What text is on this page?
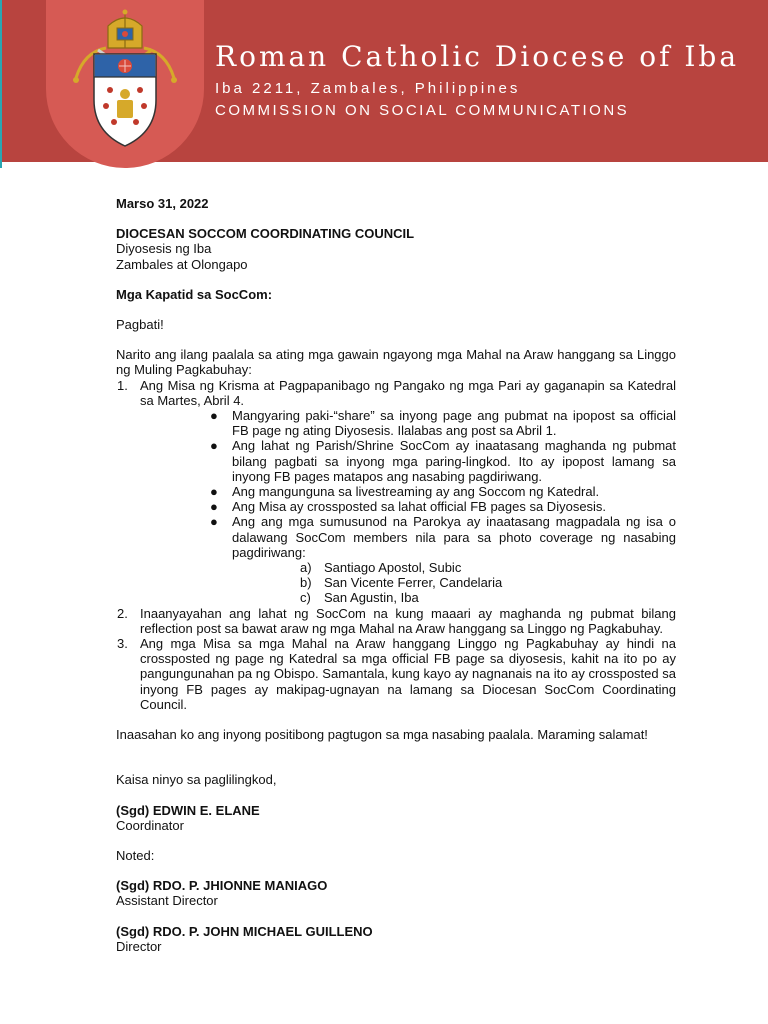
Roman Catholic Diocese of Iba
Iba 2211, Zambales, Philippines
COMMISSION ON SOCIAL COMMUNICATIONS

Marso 31, 2022

DIOCESAN SOCCOM COORDINATING COUNCIL

Diyosesis ng Iba

Zambales at Olongapo

Mga Kapatid sa SocCom:

Pagbati!

Narito ang ilang paalala sa ating mga gawain ngayong mga Mahal na Araw hanggang sa Linggo ng Muling Pagkabuhay:

1. Ang Misa ng Krisma at Pagpapanibago ng Pangako ng mga Pari ay gaganapin sa Katedral sa Martes, Abril 4.
● Mangyaring paki-“share” sa inyong page ang pubmat na ipopost sa official FB page ng ating Diyosesis. Ilalabas ang post sa Abril 1.
● Ang lahat ng Parish/Shrine SocCom ay inaatasang maghanda ng pubmat bilang pagbati sa inyong mga paring-lingkod. Ito ay ipopost lamang sa inyong FB pages matapos ang nasabing pagdiriwang.
● Ang mangunguna sa livestreaming ay ang Soccom ng Katedral.
● Ang Misa ay crossposted sa lahat official FB pages sa Diyosesis.
● Ang ang mga sumusunod na Parokya ay inaatasang magpadala ng isa o dalawang SocCom members nila para sa photo coverage ng nasabing pagdiriwang:
a) Santiago Apostol, Subic
b) San Vicente Ferrer, Candelaria
c) San Agustin, Iba
2. Inaanyayahan ang lahat ng SocCom na kung maaari ay maghanda ng pubmat bilang reflection post sa bawat araw ng mga Mahal na Araw hanggang sa Linggo ng Pagkabuhay.
3. Ang mga Misa sa mga Mahal na Araw hanggang Linggo ng Pagkabuhay ay hindi na crossposted ng page ng Katedral sa mga official FB page sa diyosesis, kahit na ito po ay pangungunahan pa ng Obispo. Samantala, kung kayo ay nagnanais na ito ay crossposted sa inyong FB pages ay makipag-ugnayan na lamang sa Diocesan SocCom Coordinating Council.

Inaasahan ko ang inyong positibong pagtugon sa mga nasabing paalala. Maraming salamat!

Kaisa ninyo sa paglilingkod,

(Sgd) EDWIN E. ELANE

Coordinator

Noted:

(Sgd) RDO. P. JHIONNE MANIAGO

Assistant Director

(Sgd) RDO. P. JOHN MICHAEL GUILLENO

Director
